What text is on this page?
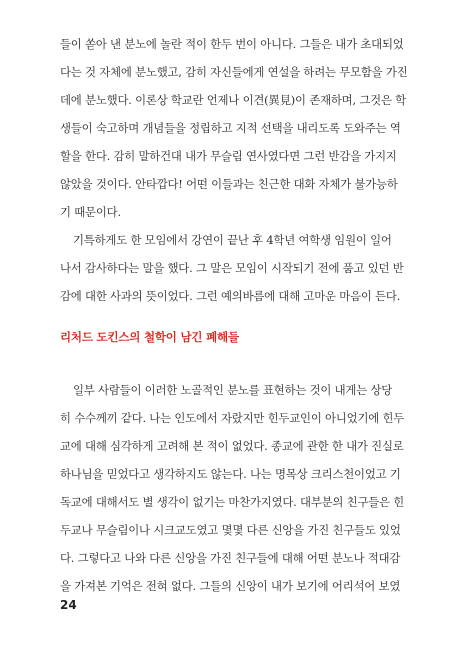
들이 쏟아 낸 분노에 놀란 적이 한두 번이 아니다. 그들은 내가 초대되었
다는 것 자체에 분노했고, 감히 자신들에게 연설을 하려는 무모함을 가진
데에 분노했다. 이론상 학교란 언제나 이견(異見)이 존재하며, 그것은 학
생들이 숙고하며 개념들을 정립하고 지적 선택을 내리도록 도와주는 역
할을 한다. 감히 말하건대 내가 무슬림 연사였다면 그런 반감을 가지지
않았을 것이다. 안타깝다! 어떤 이들과는 친근한 대화 자체가 불가능하
기 때문이다.
기특하게도 한 모임에서 강연이 끝난 후 4학년 여학생 임원이 일어
나서 감사하다는 말을 했다. 그 말은 모임이 시작되기 전에 품고 있던 반
감에 대한 사과의 뜻이었다. 그런 예의바름에 대해 고마운 마음이 든다.
리처드 도킨스의 철학이 남긴 폐해들
일부 사람들이 이러한 노골적인 분노를 표현하는 것이 내게는 상당
히 수수께끼 같다. 나는 인도에서 자랐지만 힌두교인이 아니었기에 힌두
교에 대해 심각하게 고려해 본 적이 없었다. 종교에 관한 한 내가 진실로
하나님을 믿었다고 생각하지도 않는다. 나는 명목상 크리스천이었고 기
독교에 대해서도 별 생각이 없기는 마찬가지였다. 대부분의 친구들은 힌
두교나 무슬림이나 시크교도였고 몇몇 다른 신앙을 가진 친구들도 있었
다. 그렇다고 나와 다른 신앙을 가진 친구들에 대해 어떤 분노나 적대감
을 가져본 기억은 전혀 없다. 그들의 신앙이 내가 보기에 어리석어 보였
24
